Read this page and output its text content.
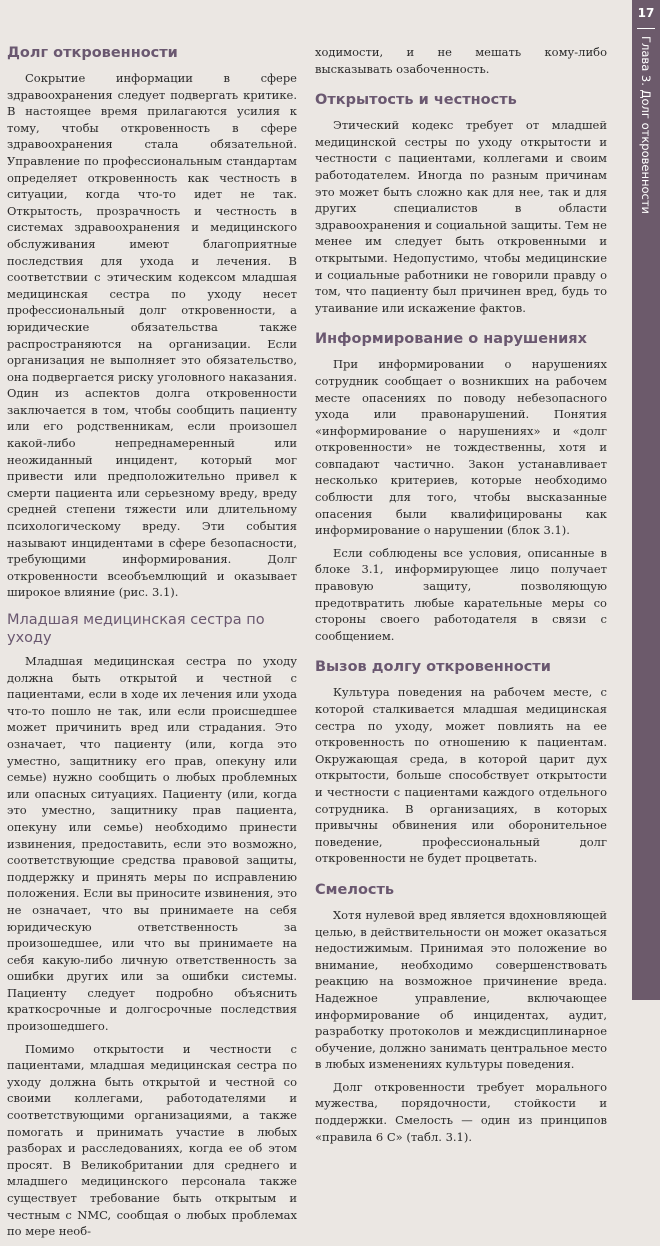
17
Глава 3. Долг откровенности
Долг откровенности

Сокрытие информации в сфере здравоохранения следует подвергать критике. В настоящее время прилагаются усилия к тому, чтобы откровенность в сфере здравоохранения стала обязательной. Управление по профессиональным стандартам определяет откровенность как честность в ситуации, когда что-то идет не так. Открытость, прозрачность и честность в системах здравоохранения и медицинского обслуживания имеют благоприятные последствия для ухода и лечения. В соответствии с этическим кодексом младшая медицинская сестра по уходу несет профессиональный долг откровенности, а юридические обязательства также распространяются на организации. Если организация не выполняет это обязательство, она подвергается риску уголовного наказания. Один из аспектов долга откровенности заключается в том, чтобы сообщить пациенту или его родственникам, если произошел какой-либо непреднамеренный или неожиданный инцидент, который мог привести или предположительно привел к смерти пациента или серьезному вреду, вреду средней степени тяжести или длительному психологическому вреду. Эти события называют инцидентами в сфере безопасности, требующими информирования. Долг откровенности всеобъемлющий и оказывает широкое влияние (рис. 3.1).

Младшая медицинская сестра по уходу

Младшая медицинская сестра по уходу должна быть открытой и честной с пациентами, если в ходе их лечения или ухода что-то пошло не так, или если происшедшее может причинить вред или страдания. Это означает, что пациенту (или, когда это уместно, защитнику его прав, опекуну или семье) нужно сообщить о любых проблемных или опасных ситуациях. Пациенту (или, когда это уместно, защитнику прав пациента, опекуну или семье) необходимо принести извинения, предоставить, если это возможно, соответствующие средства правовой защиты, поддержку и принять меры по исправлению положения. Если вы приносите извинения, это не означает, что вы принимаете на себя юридическую ответственность за произошедшее, или что вы принимаете на себя какую-либо личную ответственность за ошибки других или за ошибки системы. Пациенту следует подробно объяснить краткосрочные и долгосрочные последствия произошедшего.

Помимо открытости и честности с пациентами, младшая медицинская сестра по уходу должна быть открытой и честной со своими коллегами, работодателями и соответствующими организациями, а также помогать и принимать участие в любых разборах и расследованиях, когда ее об этом просят. В Великобритании для среднего и младшего медицинского персонала также существует требование быть открытым и честным с NMC, сообщая о любых проблемах по мере необ-

ходимости, и не мешать кому-либо высказывать озабоченность.

Открытость и честность

Этический кодекс требует от младшей медицинской сестры по уходу открытости и честности с пациентами, коллегами и своим работодателем. Иногда по разным причинам это может быть сложно как для нее, так и для других специалистов в области здравоохранения и социальной защиты. Тем не менее им следует быть откровенными и открытыми. Недопустимо, чтобы медицинские и социальные работники не говорили правду о том, что пациенту был причинен вред, будь то утаивание или искажение фактов.

Информирование о нарушениях

При информировании о нарушениях сотрудник сообщает о возникших на рабочем месте опасениях по поводу небезопасного ухода или правонарушений. Понятия «информирование о нарушениях» и «долг откровенности» не тождественны, хотя и совпадают частично. Закон устанавливает несколько критериев, которые необходимо соблюсти для того, чтобы высказанные опасения были квалифицированы как информирование о нарушении (блок 3.1).

Если соблюдены все условия, описанные в блоке 3.1, информирующее лицо получает правовую защиту, позволяющую предотвратить любые карательные меры со стороны своего работодателя в связи с сообщением.

Вызов долгу откровенности

Культура поведения на рабочем месте, с которой сталкивается младшая медицинская сестра по уходу, может повлиять на ее откровенность по отношению к пациентам. Окружающая среда, в которой царит дух открытости, больше способствует открытости и честности с пациентами каждого отдельного сотрудника. В организациях, в которых привычны обвинения или оборонительное поведение, профессиональный долг откровенности не будет процветать.

Смелость

Хотя нулевой вред является вдохновляющей целью, в действительности он может оказаться недостижимым. Принимая это положение во внимание, необходимо совершенствовать реакцию на возможное причинение вреда. Надежное управление, включающее информирование об инцидентах, аудит, разработку протоколов и междисциплинарное обучение, должно занимать центральное место в любых изменениях культуры поведения.

Долг откровенности требует морального мужества, порядочности, стойкости и поддержки. Смелость — один из принципов «правила 6 С» (табл. 3.1).
